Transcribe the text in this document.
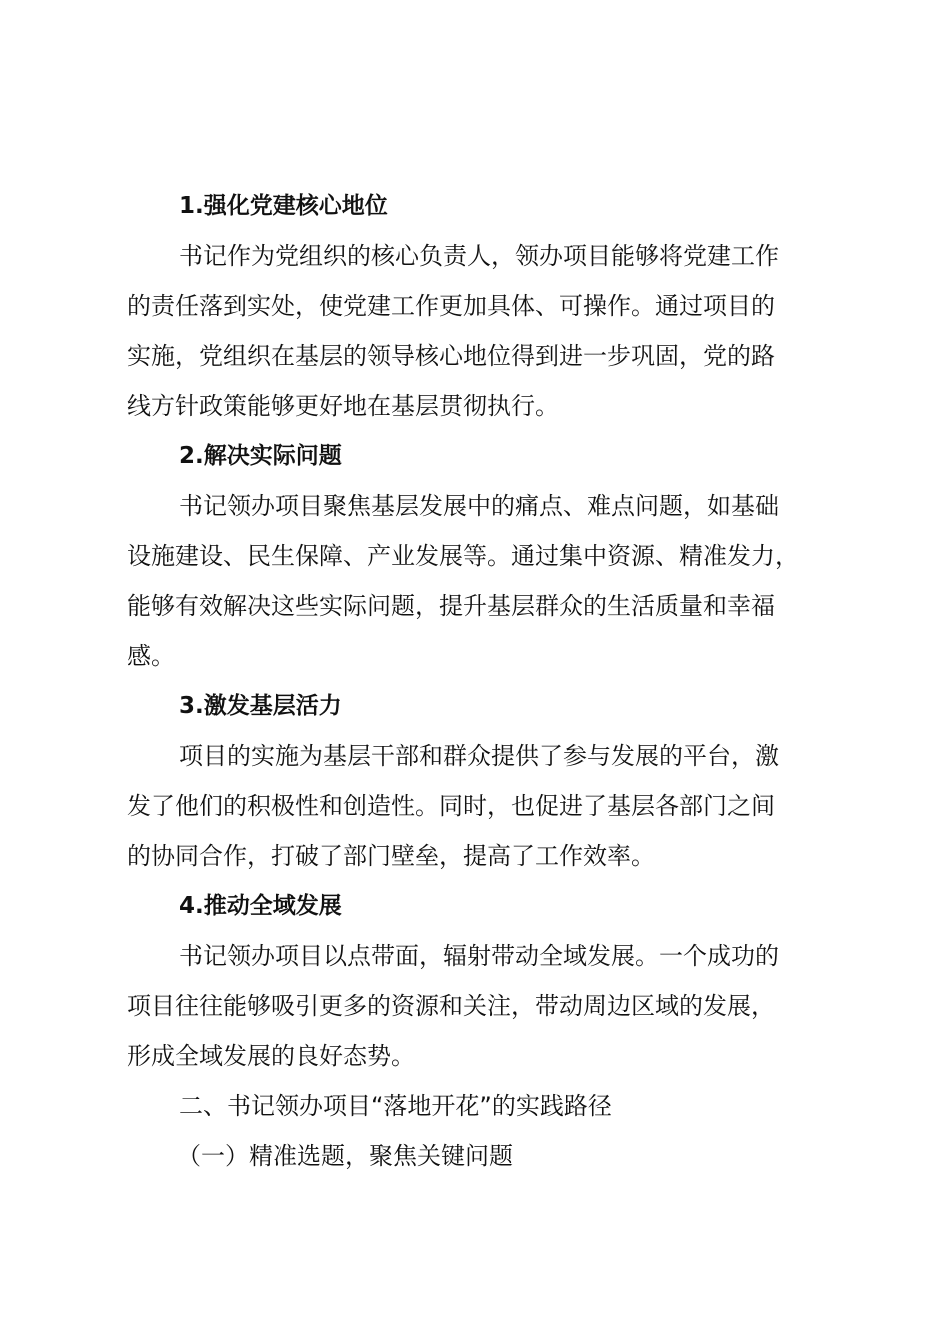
1.强化党建核心地位

书记作为党组织的核心负责人，领办项目能够将党建工作
的责任落到实处，使党建工作更加具体、可操作。通过项目的
实施，党组织在基层的领导核心地位得到进一步巩固，党的路
线方针政策能够更好地在基层贯彻执行。

2.解决实际问题

书记领办项目聚焦基层发展中的痛点、难点问题，如基础
设施建设、民生保障、产业发展等。通过集中资源、精准发力，
能够有效解决这些实际问题，提升基层群众的生活质量和幸福
感。

3.激发基层活力

项目的实施为基层干部和群众提供了参与发展的平台，激
发了他们的积极性和创造性。同时，也促进了基层各部门之间
的协同合作，打破了部门壁垒，提高了工作效率。

4.推动全域发展

书记领办项目以点带面，辐射带动全域发展。一个成功的
项目往往能够吸引更多的资源和关注，带动周边区域的发展，
形成全域发展的良好态势。

二、书记领办项目“落地开花”的实践路径

（一）精准选题，聚焦关键问题
